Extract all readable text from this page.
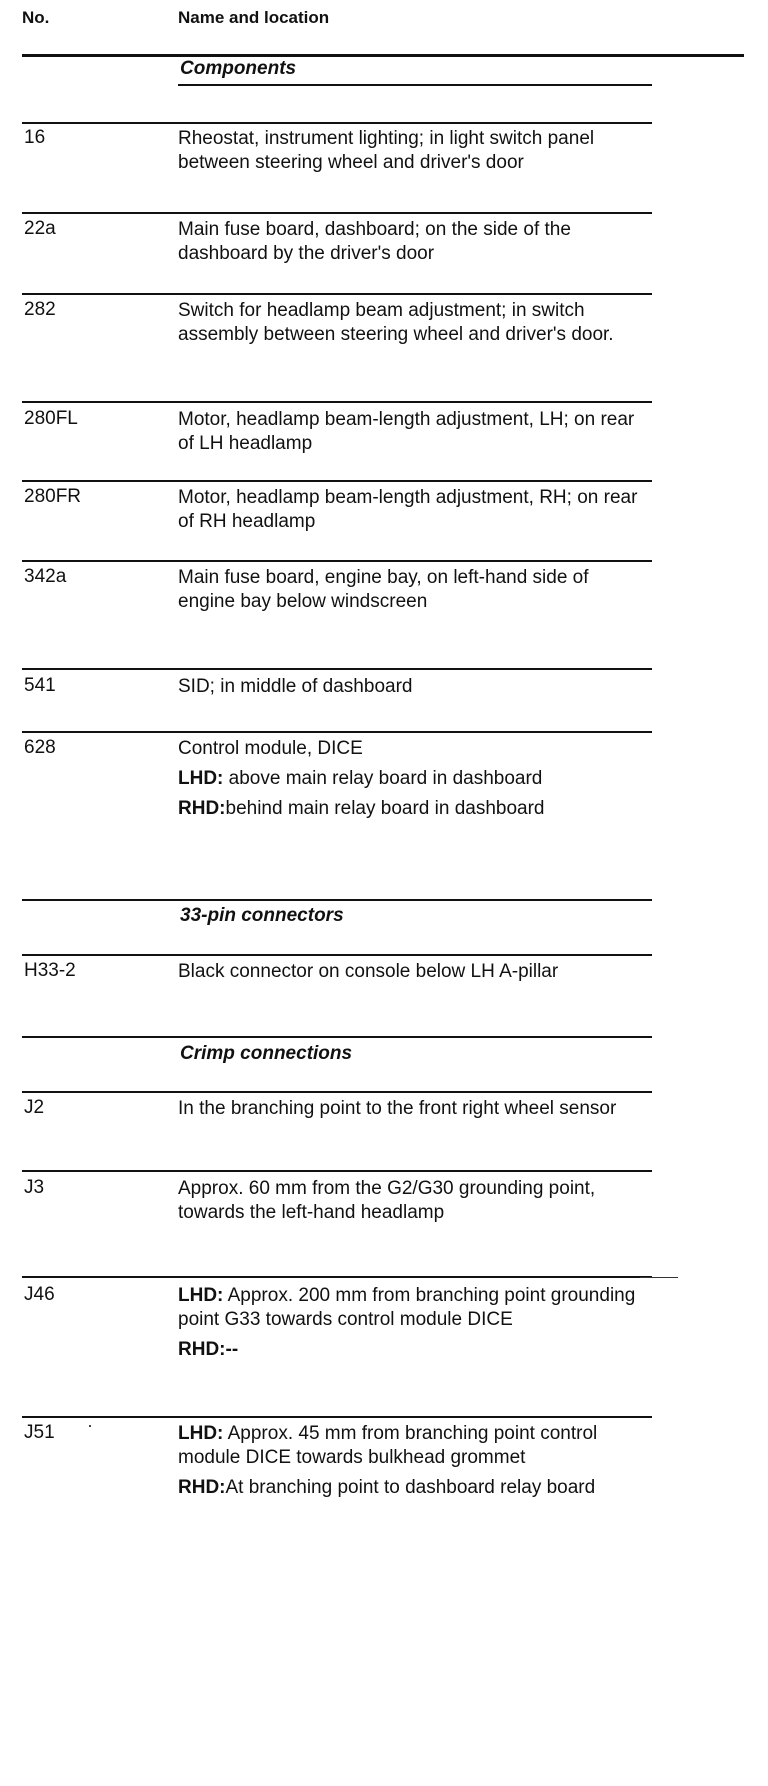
No.	Name and location
Components
16	Rheostat, instrument lighting; in light switch panel between steering wheel and driver's door
22a	Main fuse board, dashboard; on the side of the dashboard by the driver's door
282	Switch for headlamp beam adjustment; in switch assembly between steering wheel and driver's door.
280FL	Motor, headlamp beam-length adjustment, LH; on rear of LH headlamp
280FR	Motor, headlamp beam-length adjustment, RH; on rear of RH headlamp
342a	Main fuse board, engine bay, on left-hand side of engine bay below windscreen
541	SID; in middle of dashboard
628	Control module, DICE
LHD: above main relay board in dashboard
RHD:behind main relay board in dashboard
33-pin connectors
H33-2	Black connector on console below LH A-pillar
Crimp connections
J2	In the branching point to the front right wheel sensor
J3	Approx. 60 mm from the G2/G30 grounding point, towards the left-hand headlamp
J46	LHD: Approx. 200 mm from branching point grounding point G33 towards control module DICE
RHD:--
J51	LHD: Approx. 45 mm from branching point control module DICE towards bulkhead grommet
RHD:At branching point to dashboard relay board
